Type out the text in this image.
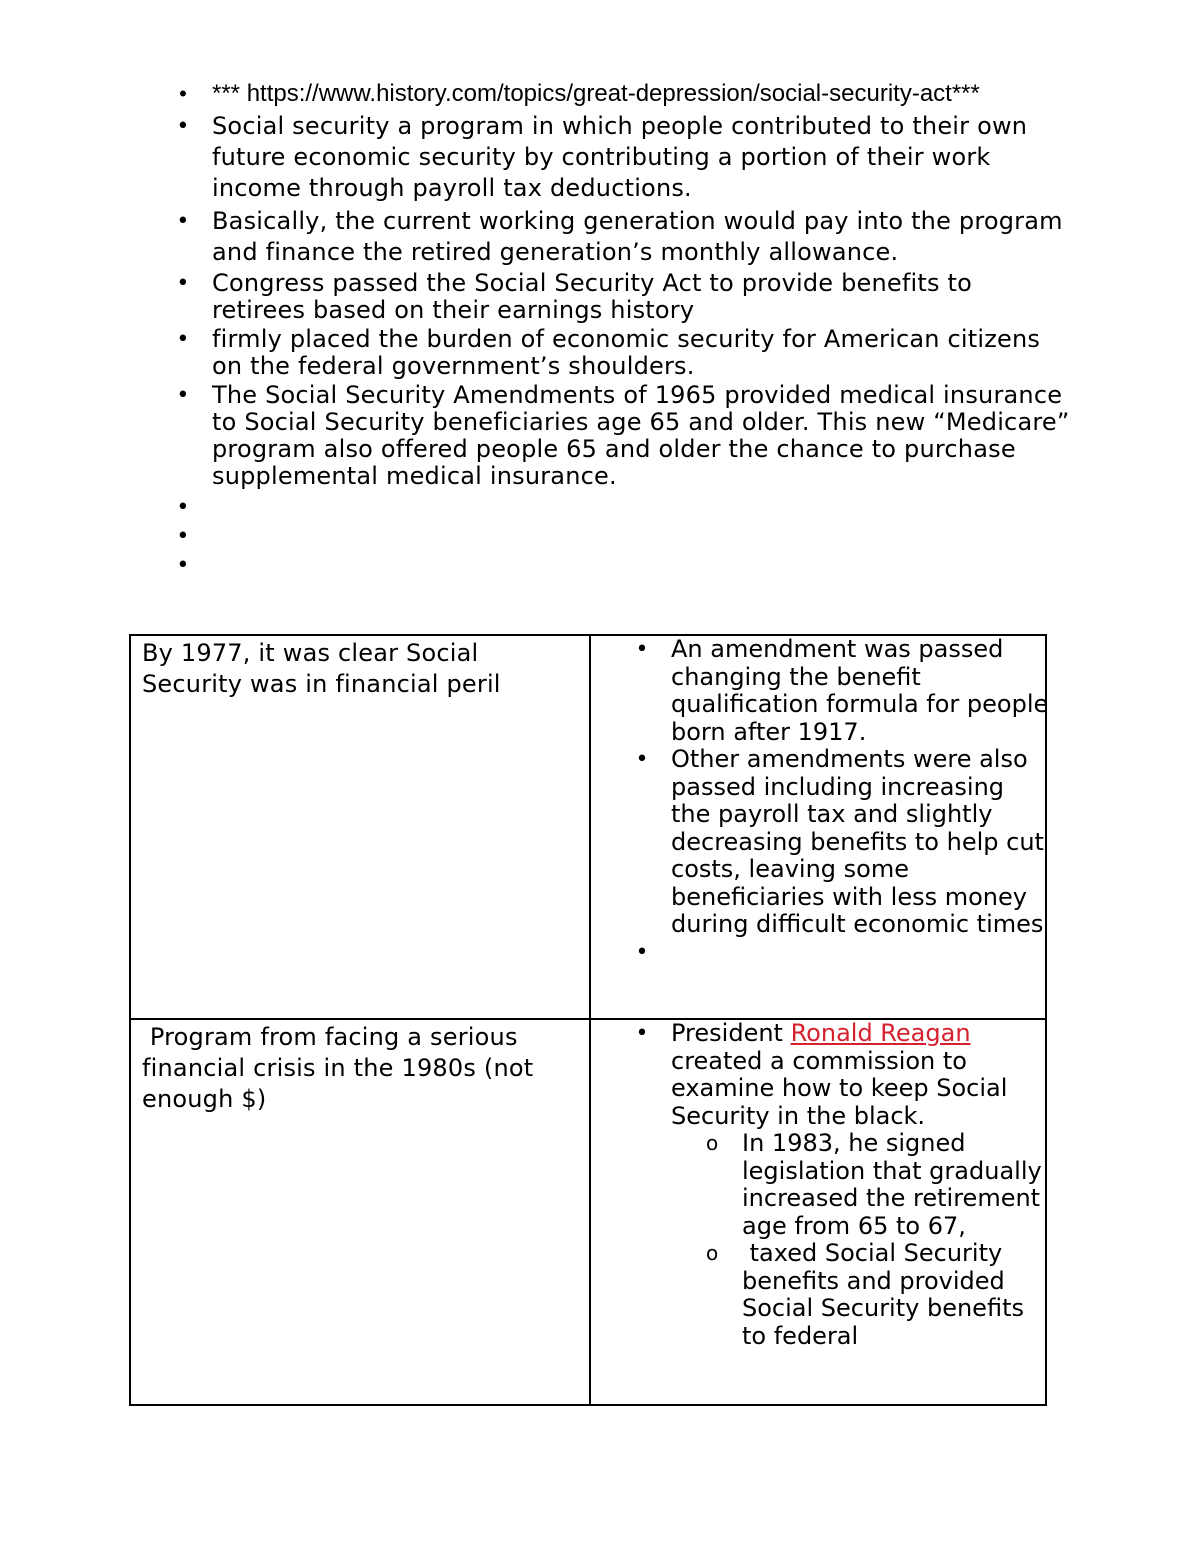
• *** https://www.history.com/topics/great-depression/social-security-act***
• Social security a program in which people contributed to their own future economic security by contributing a portion of their work income through payroll tax deductions.
• Basically, the current working generation would pay into the program and finance the retired generation’s monthly allowance.
• Congress passed the Social Security Act to provide benefits to retirees based on their earnings history
• firmly placed the burden of economic security for American citizens on the federal government’s shoulders.
• The Social Security Amendments of 1965 provided medical insurance to Social Security beneficiaries age 65 and older. This new “Medicare” program also offered people 65 and older the chance to purchase supplemental medical insurance.
•
•
•
By 1977, it was clear Social Security was in financial peril
• An amendment was passed changing the benefit qualification formula for people born after 1917.
• Other amendments were also passed including increasing the payroll tax and slightly decreasing benefits to help cut costs, leaving some beneficiaries with less money during difficult economic times
•
Program from facing a serious financial crisis in the 1980s (not enough $)
• President Ronald Reagan created a commission to examine how to keep Social Security in the black.
o In 1983, he signed legislation that gradually increased the retirement age from 65 to 67,
o taxed Social Security benefits and provided Social Security benefits to federal
